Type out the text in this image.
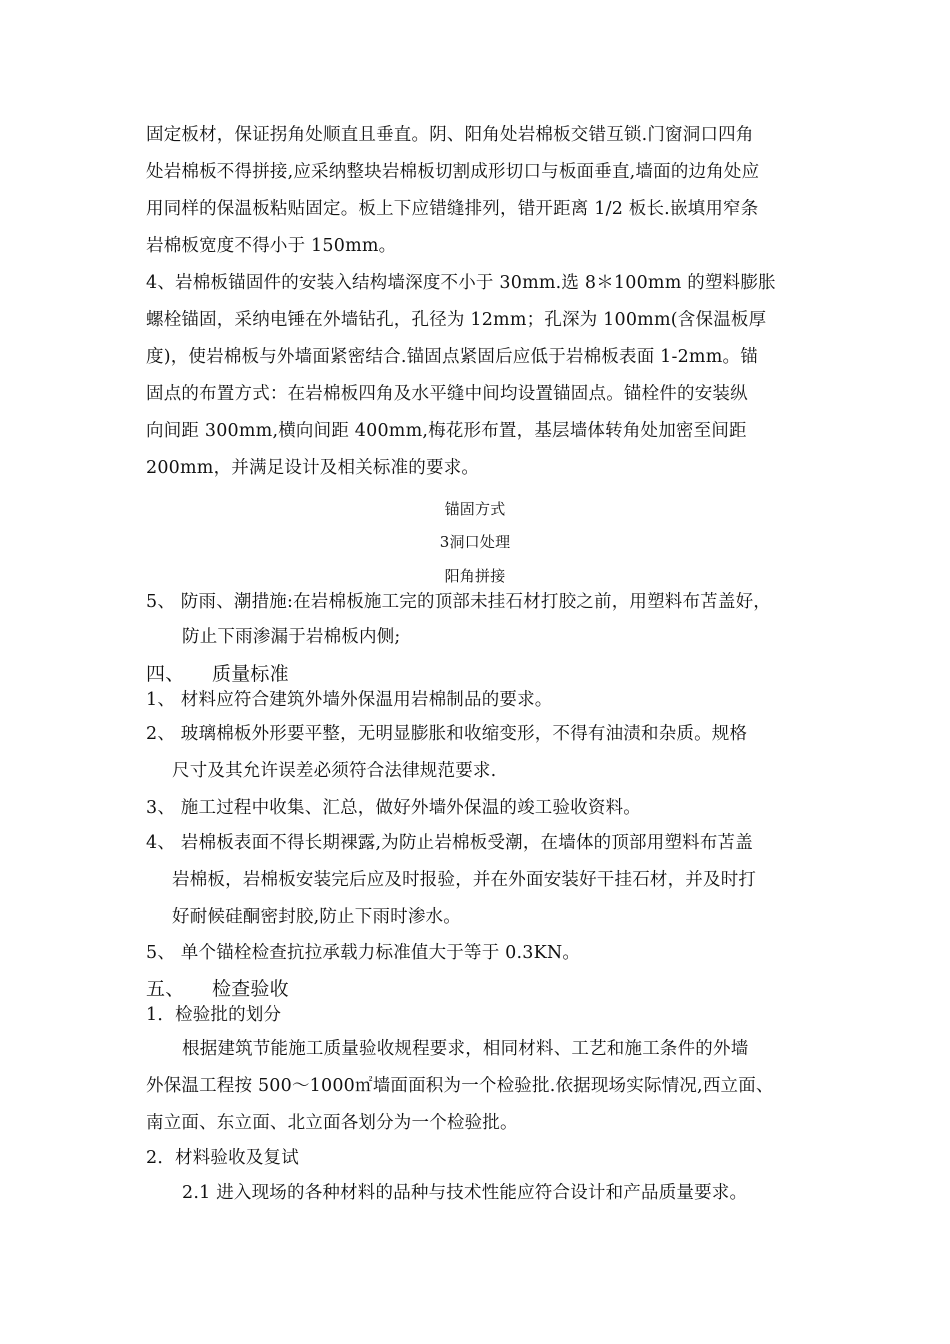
固定板材，保证拐角处顺直且垂直。阴、阳角处岩棉板交错互锁.门窗洞口四角
处岩棉板不得拼接,应采纳整块岩棉板切割成形切口与板面垂直,墙面的边角处应
用同样的保温板粘贴固定。板上下应错缝排列，错开距离 1/2 板长.嵌填用窄条
岩棉板宽度不得小于 150mm。
4、岩棉板锚固件的安装入结构墙深度不小于 30mm.选 8＊100mm 的塑料膨胀
螺栓锚固，采纳电锤在外墙钻孔，孔径为 12mm；孔深为 100mm(含保温板厚
度)，使岩棉板与外墙面紧密结合.锚固点紧固后应低于岩棉板表面 1-2mm。锚
固点的布置方式：在岩棉板四角及水平缝中间均设置锚固点。锚栓件的安装纵
向间距 300mm,横向间距 400mm,梅花形布置，基层墙体转角处加密至间距
200mm，并满足设计及相关标准的要求。
锚固方式
3洞口处理
阳角拼接
5、 防雨、潮措施:在岩棉板施工完的顶部未挂石材打胶之前，用塑料布苫盖好，
防止下雨渗漏于岩棉板内侧;
四、 质量标准
1、 材料应符合建筑外墙外保温用岩棉制品的要求。
2、 玻璃棉板外形要平整，无明显膨胀和收缩变形，不得有油渍和杂质。规格
尺寸及其允许误差必须符合法律规范要求.
3、 施工过程中收集、汇总，做好外墙外保温的竣工验收资料。
4、 岩棉板表面不得长期裸露,为防止岩棉板受潮，在墙体的顶部用塑料布苫盖
岩棉板，岩棉板安装完后应及时报验，并在外面安装好干挂石材，并及时打
好耐候硅酮密封胶,防止下雨时渗水。
5、 单个锚栓检查抗拉承载力标准值大于等于 0.3KN。
五、 检查验收
1．检验批的划分
根据建筑节能施工质量验收规程要求，相同材料、工艺和施工条件的外墙
外保温工程按 500～1000㎡墙面面积为一个检验批.依据现场实际情况,西立面、
南立面、东立面、北立面各划分为一个检验批。
2．材料验收及复试
2.1 进入现场的各种材料的品种与技术性能应符合设计和产品质量要求。
